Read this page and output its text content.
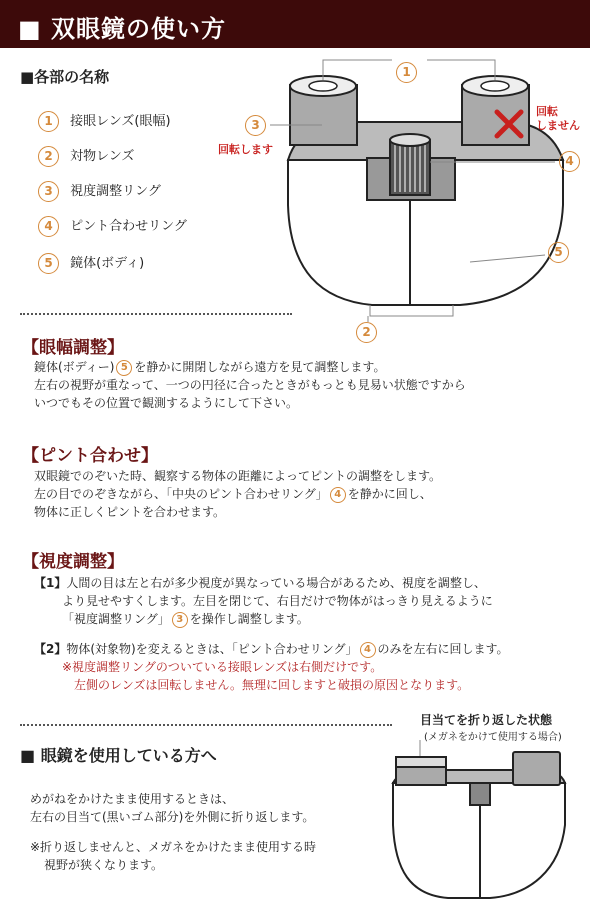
■ 双眼鏡の使い方
■各部の名称
1 接眼レンズ(眼幅)
2 対物レンズ
3 視度調整リング
4 ピント合わせリング
5 鏡体(ボディ)
1
3
4
5
2
回転します
回転
しません
【眼幅調整】
鏡体(ボディー) 5 を静かに開閉しながら遠方を見て調整します。
左右の視野が重なって、一つの円径に合ったときがもっとも見易い状態ですから
いつでもその位置で観測するようにして下さい。
【ピント合わせ】
双眼鏡でのぞいた時、観察する物体の距離によってピントの調整をします。
左の目でのぞきながら、「中央のピント合わせリング」 4 を静かに回し、
物体に正しくピントを合わせます。
【視度調整】
【1】人間の目は左と右が多少視度が異なっている場合があるため、視度を調整し、
より見せやすくします。左目を閉じて、右目だけで物体がはっきり見えるように
「視度調整リング」 3 を操作し調整します。
【2】物体(対象物)を変えるときは、「ピント合わせリング」 4 のみを左右に回します。
※視度調整リングのついている接眼レンズは右側だけです。
左側のレンズは回転しません。無理に回しますと破損の原因となります。
■ 眼鏡を使用している方へ
めがねをかけたまま使用するときは、
左右の目当て(黒いゴム部分)を外側に折り返します。
※折り返しませんと、メガネをかけたまま使用する時
視野が狭くなります。
目当てを折り返した状態
(メガネをかけて使用する場合)
